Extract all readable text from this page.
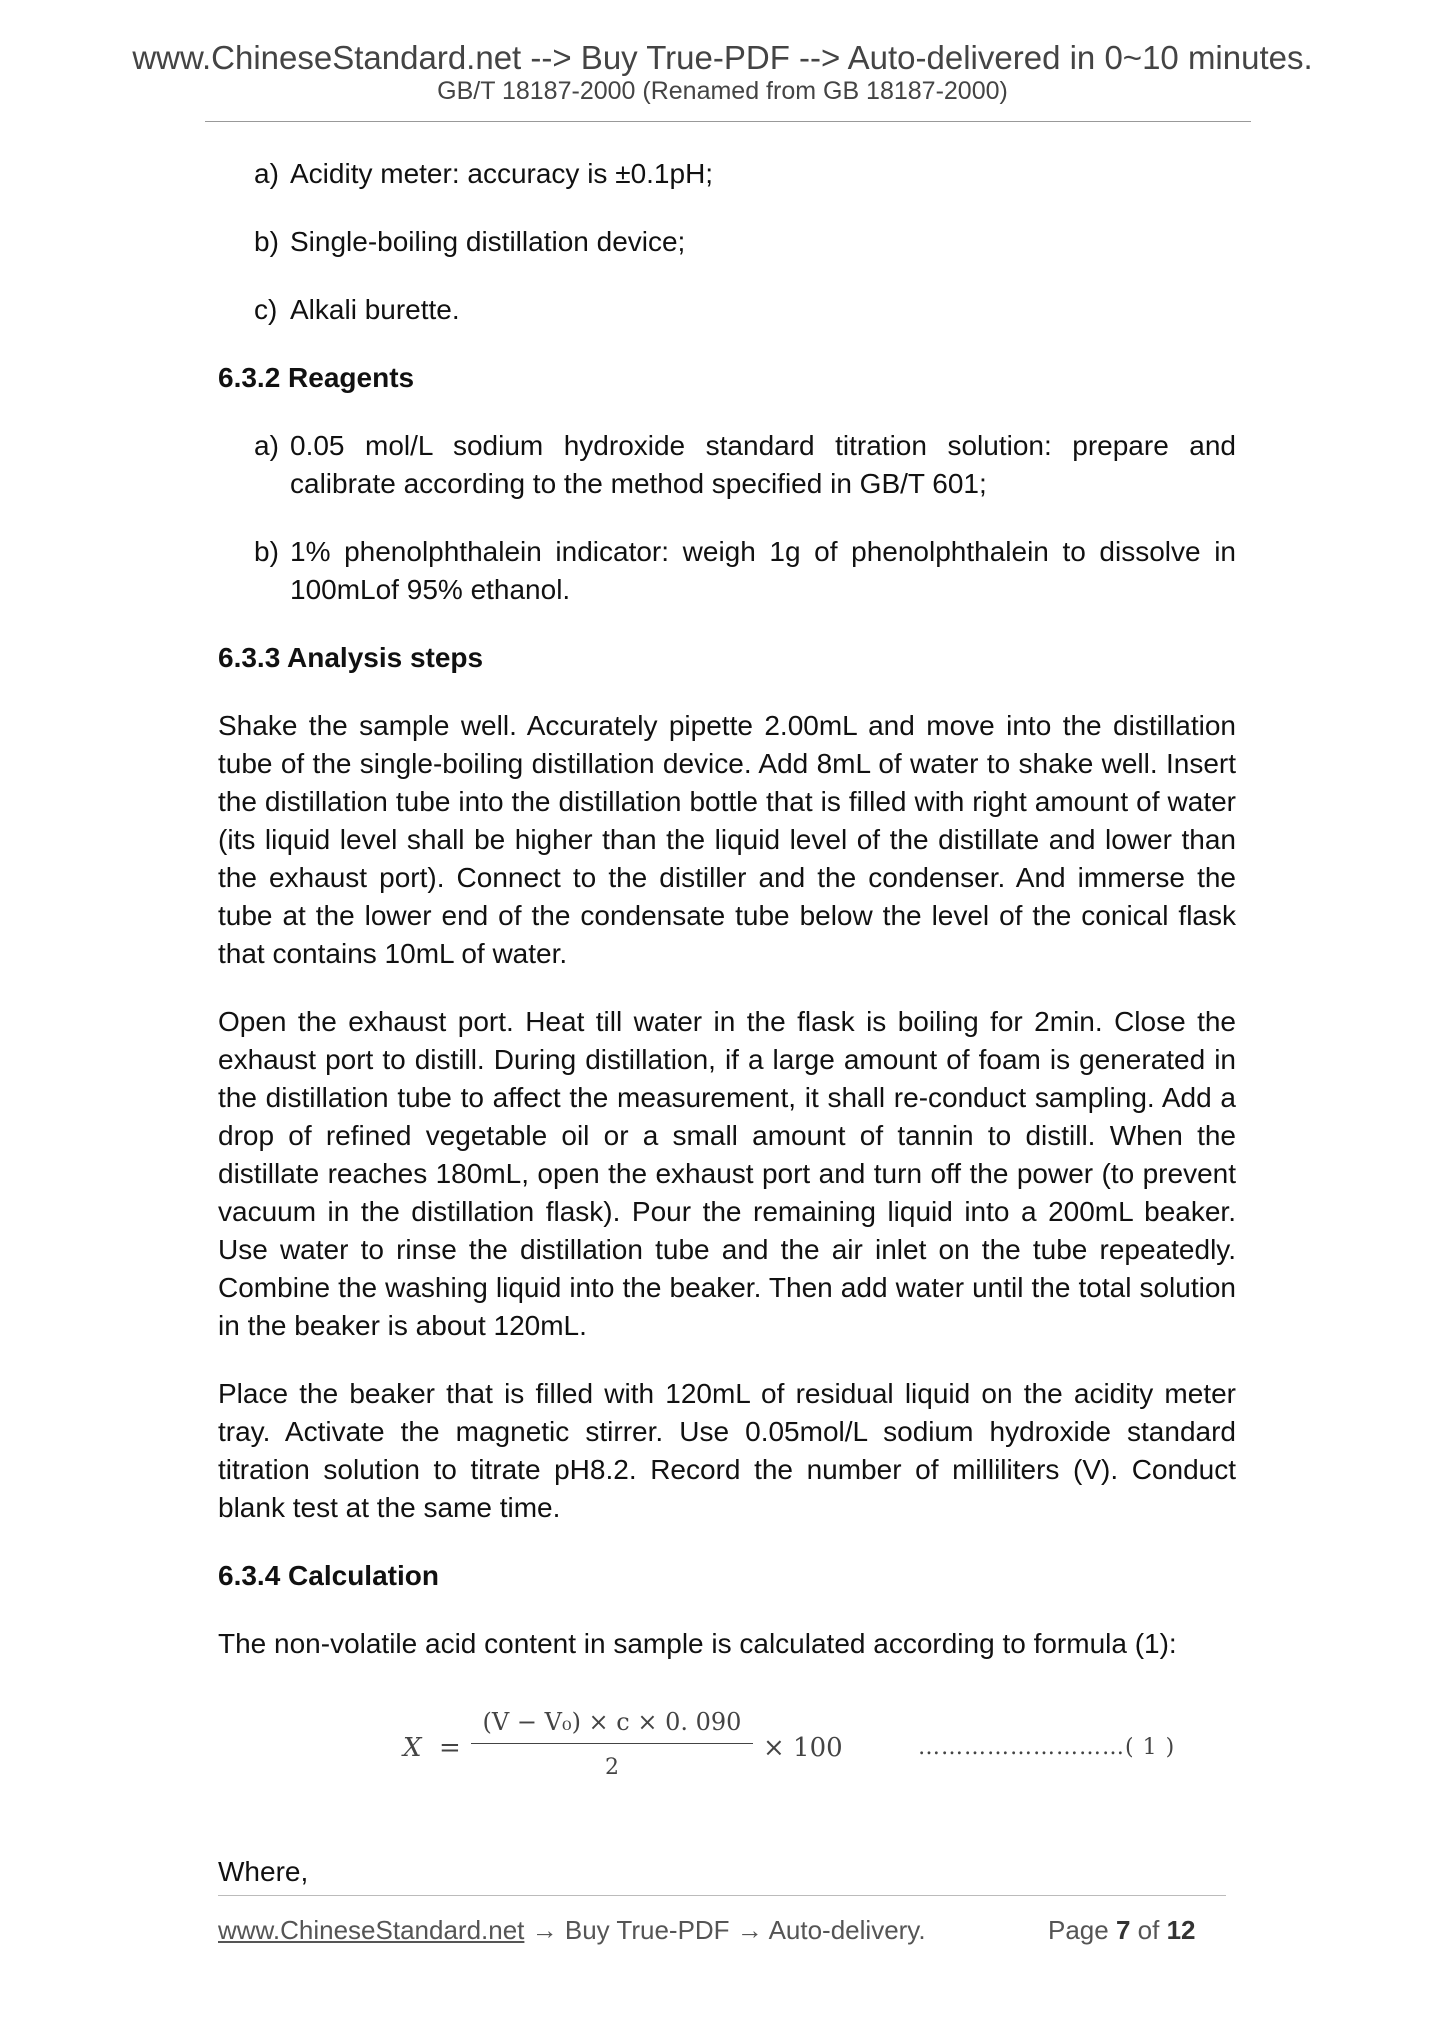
www.ChineseStandard.net --> Buy True-PDF --> Auto-delivered in 0~10 minutes.
GB/T 18187-2000 (Renamed from GB 18187-2000)
a) Acidity meter: accuracy is ±0.1pH;
b) Single-boiling distillation device;
c) Alkali burette.
6.3.2 Reagents
a) 0.05 mol/L sodium hydroxide standard titration solution: prepare and calibrate according to the method specified in GB/T 601;
b) 1% phenolphthalein indicator: weigh 1g of phenolphthalein to dissolve in 100mLof 95% ethanol.
6.3.3 Analysis steps

Shake the sample well. Accurately pipette 2.00mL and move into the distillation tube of the single-boiling distillation device. Add 8mL of water to shake well. Insert the distillation tube into the distillation bottle that is filled with right amount of water (its liquid level shall be higher than the liquid level of the distillate and lower than the exhaust port). Connect to the distiller and the condenser. And immerse the tube at the lower end of the condensate tube below the level of the conical flask that contains 10mL of water.

Open the exhaust port. Heat till water in the flask is boiling for 2min. Close the exhaust port to distill. During distillation, if a large amount of foam is generated in the distillation tube to affect the measurement, it shall re-conduct sampling. Add a drop of refined vegetable oil or a small amount of tannin to distill. When the distillate reaches 180mL, open the exhaust port and turn off the power (to prevent vacuum in the distillation flask). Pour the remaining liquid into a 200mL beaker. Use water to rinse the distillation tube and the air inlet on the tube repeatedly. Combine the washing liquid into the beaker. Then add water until the total solution in the beaker is about 120mL.

Place the beaker that is filled with 120mL of residual liquid on the acidity meter tray. Activate the magnetic stirrer. Use 0.05mol/L sodium hydroxide standard titration solution to titrate pH8.2. Record the number of milliliters (V). Conduct blank test at the same time.

6.3.4 Calculation

The non-volatile acid content in sample is calculated according to formula (1):

X =
(V − V₀) × c × 0. 090
2
× 100	………………………( 1 )

Where,

www.ChineseStandard.net → Buy True-PDF → Auto-delivery.	Page 7 of 12
